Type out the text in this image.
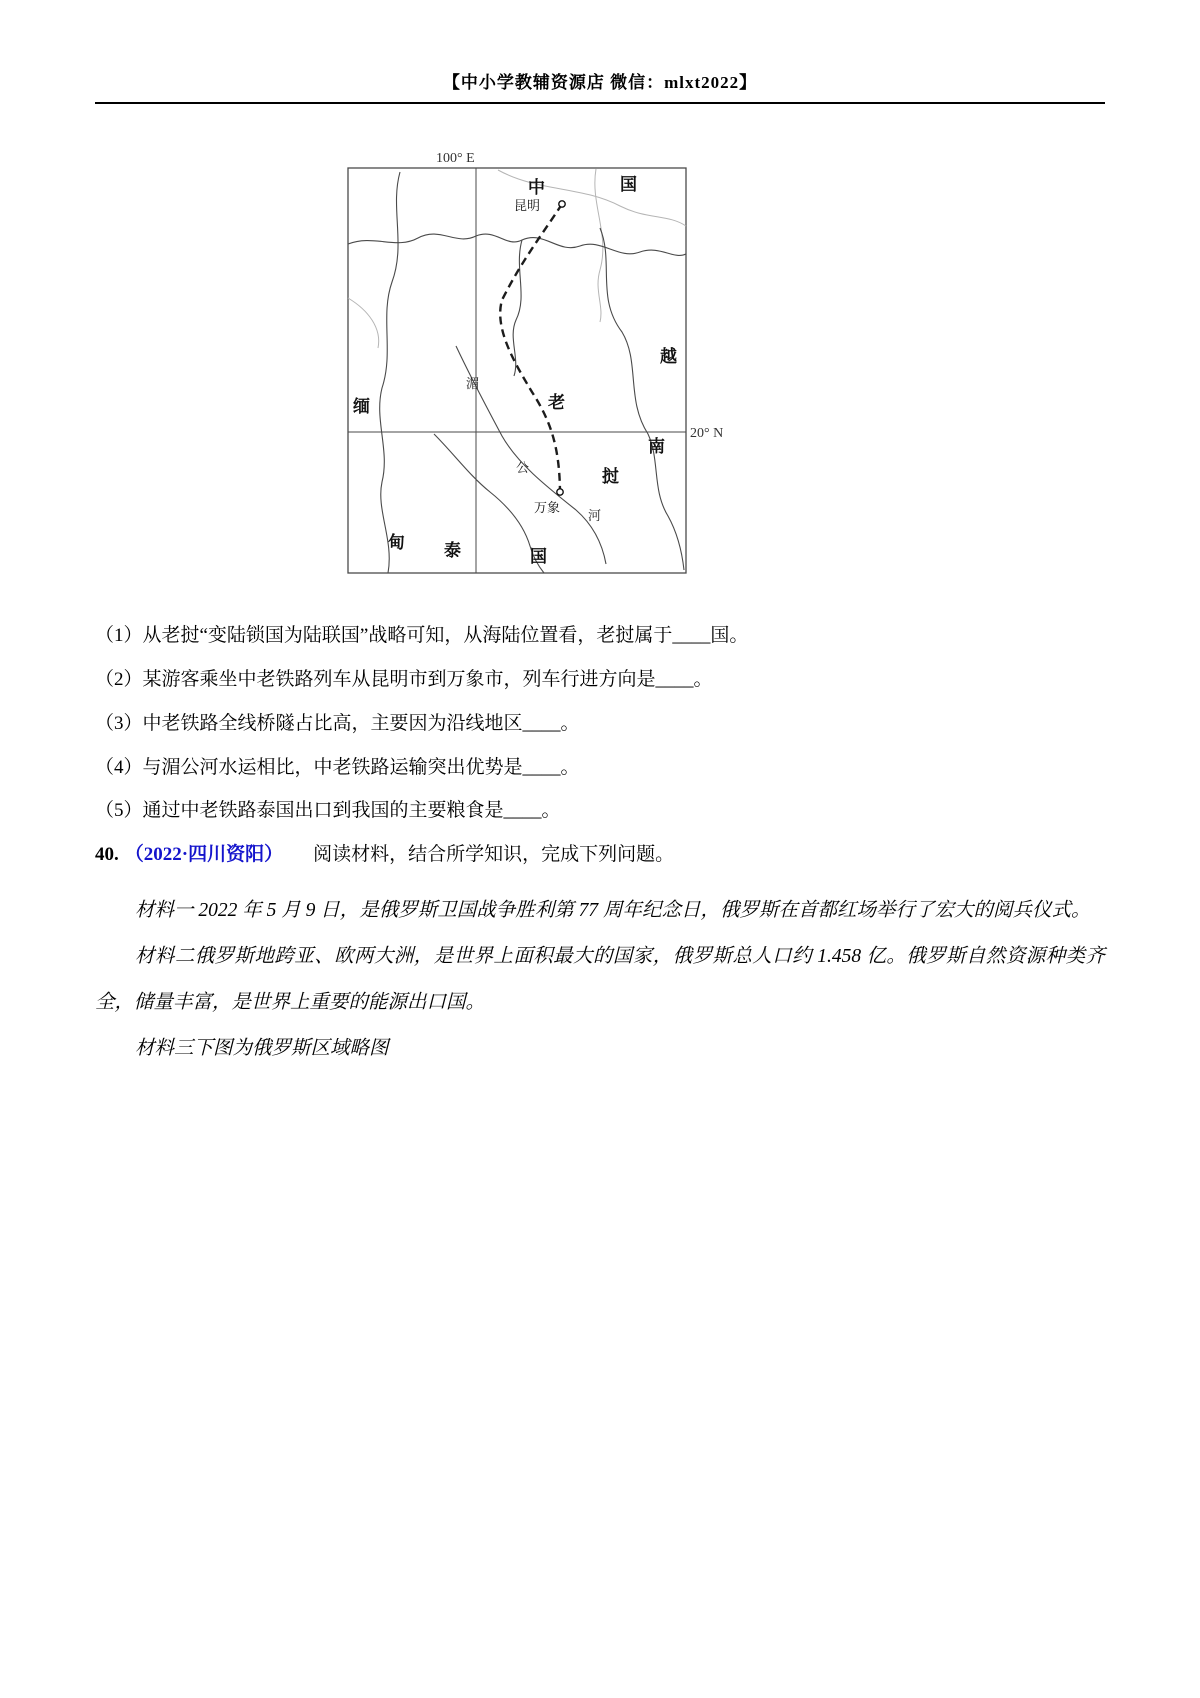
【中小学教辅资源店 微信：mlxt2022】
100° E
20° N
中	国
昆明
越
南
缅	老
挝
湄
公
河
万象
甸 泰	国

（1）从老挝“变陆锁国为陆联国”战略可知，从海陆位置看，老挝属于____国。

（2）某游客乘坐中老铁路列车从昆明市到万象市，列车行进方向是____。

（3）中老铁路全线桥隧占比高，主要因为沿线地区____。

（4）与湄公河水运相比，中老铁路运输突出优势是____。

（5）通过中老铁路泰国出口到我国的主要粮食是____。

40. （2022·四川资阳） 阅读材料，结合所学知识，完成下列问题。

材料一 2022 年 5 月 9 日，是俄罗斯卫国战争胜利第 77 周年纪念日，俄罗斯在首都红场举行了宏大的阅兵仪式。

材料二俄罗斯地跨亚、欧两大洲，是世界上面积最大的国家，俄罗斯总人口约 1.458 亿。俄罗斯自然资源种类齐全，储量丰富，是世界上重要的能源出口国。

材料三下图为俄罗斯区域略图
